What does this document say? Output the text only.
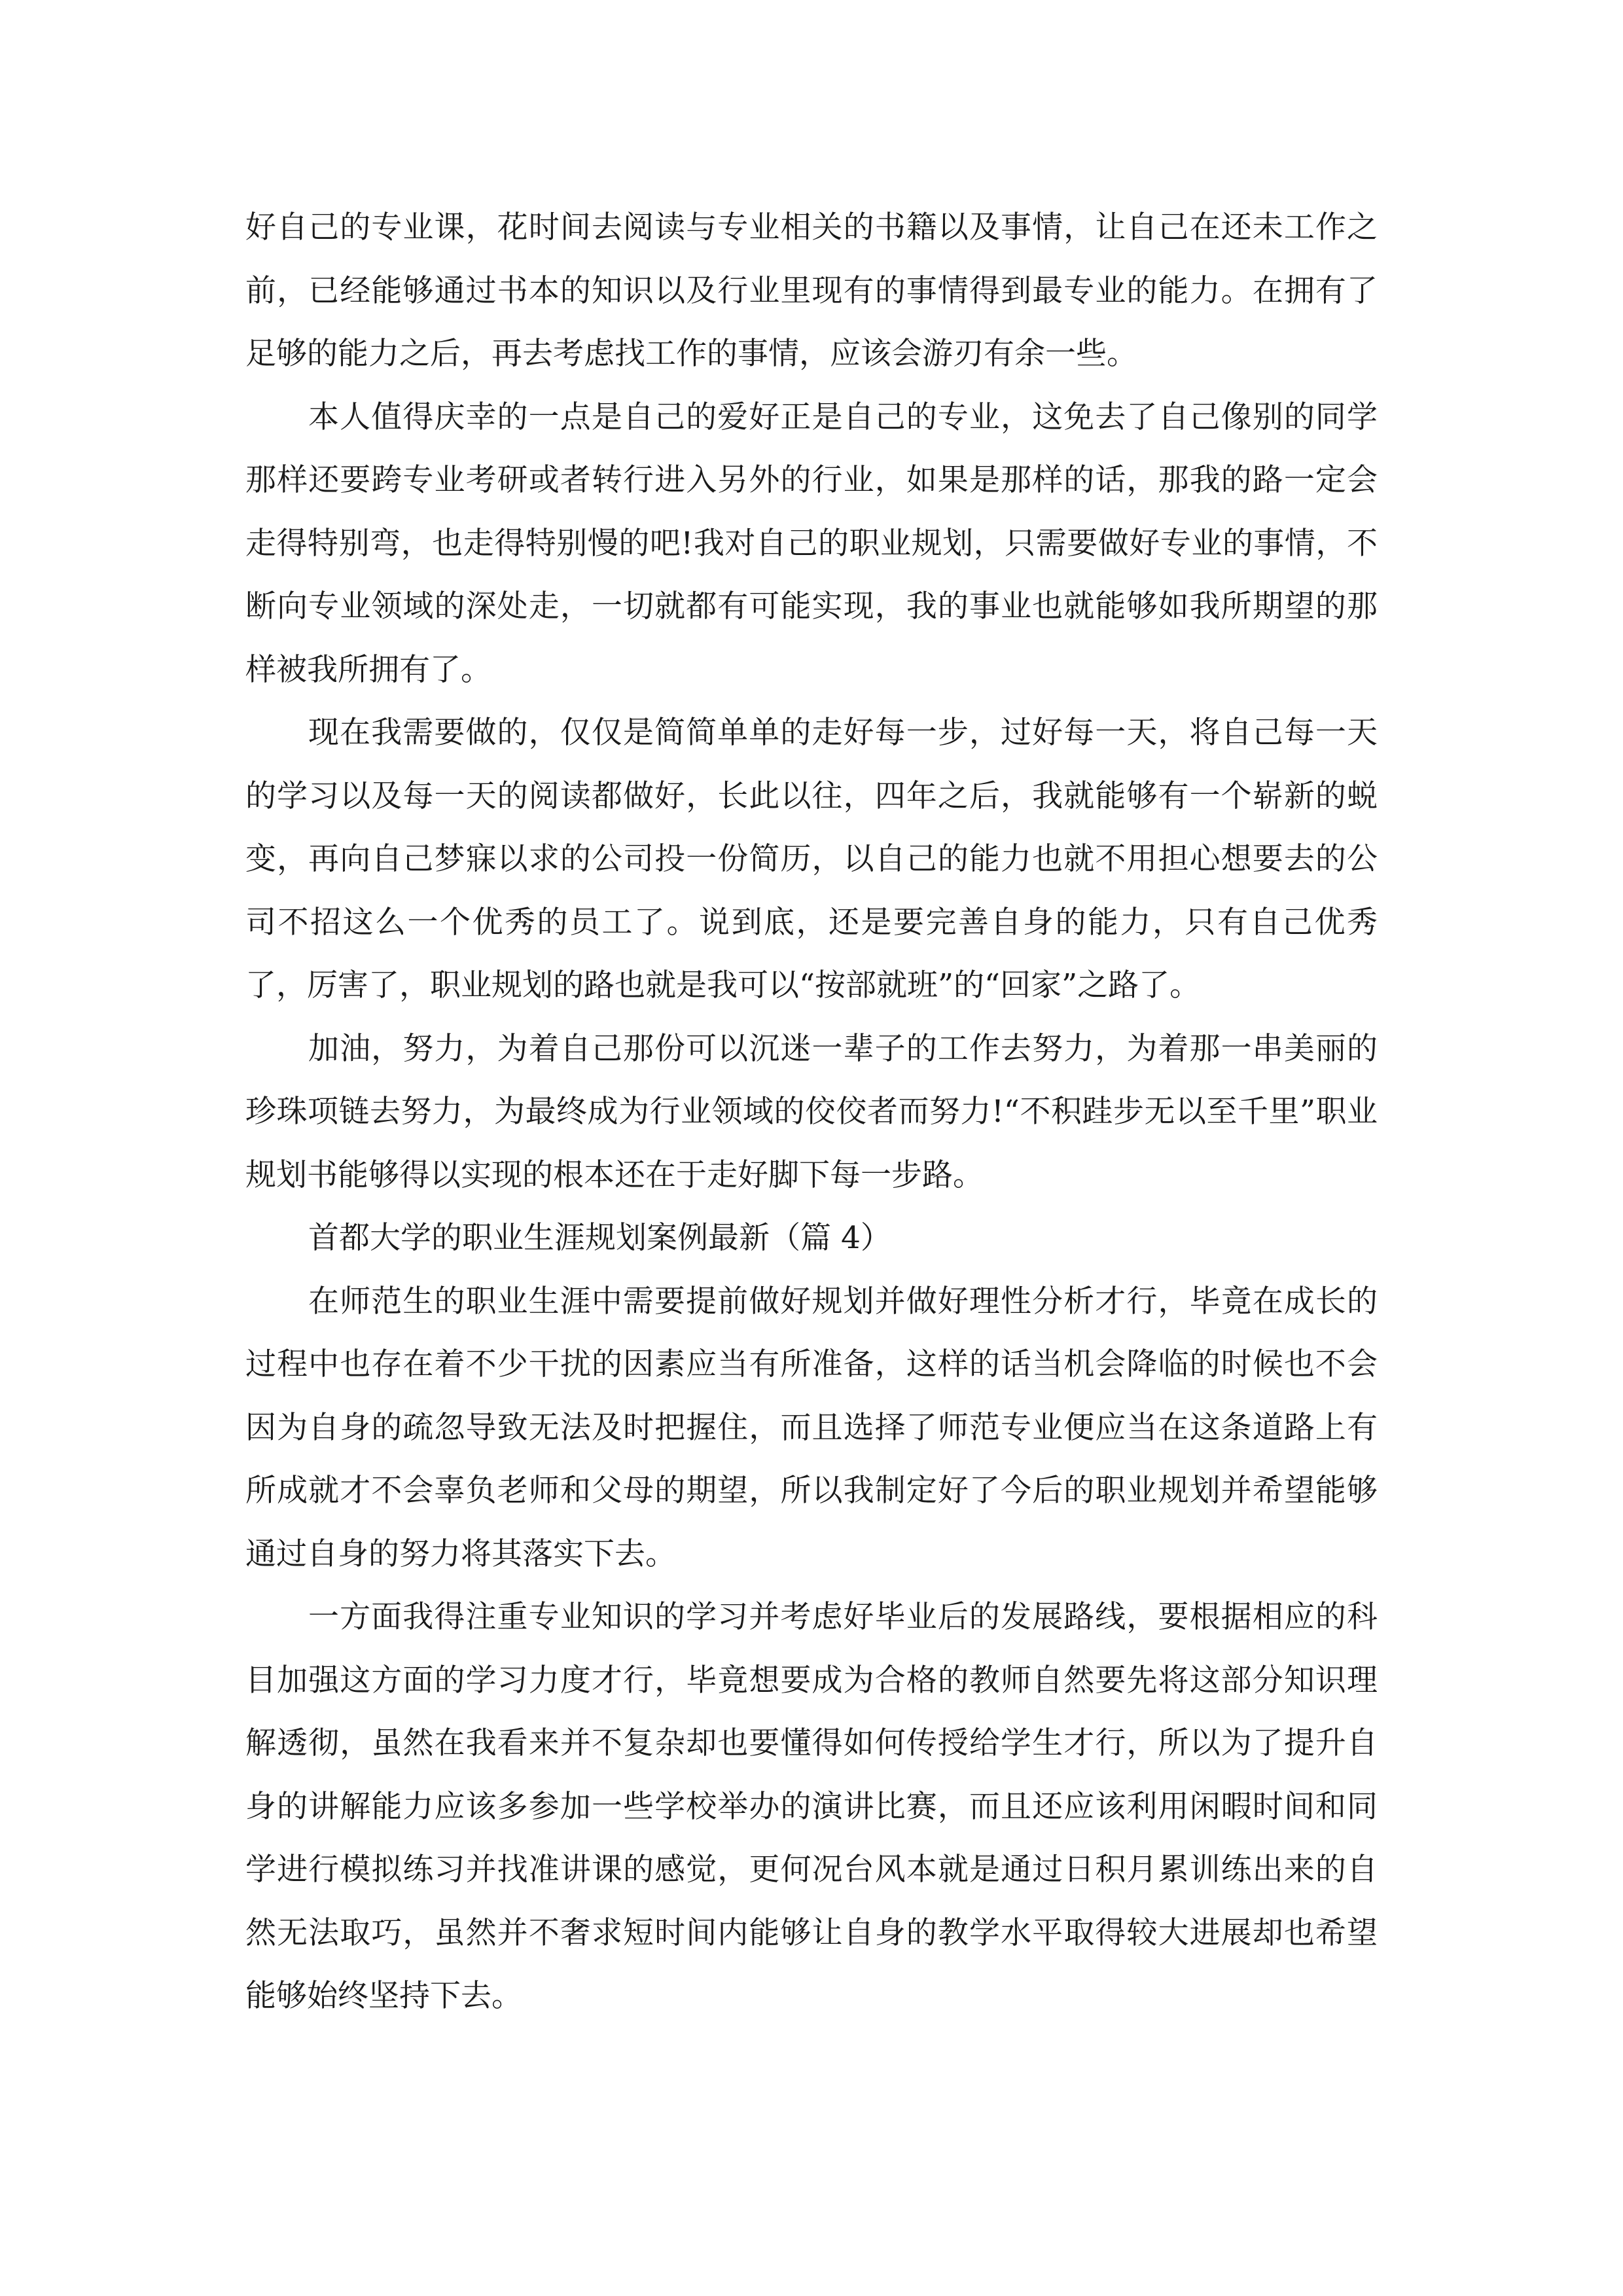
好自己的专业课，花时间去阅读与专业相关的书籍以及事情，让自己在还未工作之前，已经能够通过书本的知识以及行业里现有的事情得到最专业的能力。在拥有了足够的能力之后，再去考虑找工作的事情，应该会游刃有余一些。

本人值得庆幸的一点是自己的爱好正是自己的专业，这免去了自己像别的同学那样还要跨专业考研或者转行进入另外的行业，如果是那样的话，那我的路一定会走得特别弯，也走得特别慢的吧!我对自己的职业规划，只需要做好专业的事情，不断向专业领域的深处走，一切就都有可能实现，我的事业也就能够如我所期望的那样被我所拥有了。

现在我需要做的，仅仅是简简单单的走好每一步，过好每一天，将自己每一天的学习以及每一天的阅读都做好，长此以往，四年之后，我就能够有一个崭新的蜕变，再向自己梦寐以求的公司投一份简历，以自己的能力也就不用担心想要去的公司不招这么一个优秀的员工了。说到底，还是要完善自身的能力，只有自己优秀了，厉害了，职业规划的路也就是我可以“按部就班”的“回家”之路了。

加油，努力，为着自己那份可以沉迷一辈子的工作去努力，为着那一串美丽的珍珠项链去努力，为最终成为行业领域的佼佼者而努力!“不积跬步无以至千里”职业规划书能够得以实现的根本还在于走好脚下每一步路。

首都大学的职业生涯规划案例最新（篇 4）

在师范生的职业生涯中需要提前做好规划并做好理性分析才行，毕竟在成长的过程中也存在着不少干扰的因素应当有所准备，这样的话当机会降临的时候也不会因为自身的疏忽导致无法及时把握住，而且选择了师范专业便应当在这条道路上有所成就才不会辜负老师和父母的期望，所以我制定好了今后的职业规划并希望能够通过自身的努力将其落实下去。

一方面我得注重专业知识的学习并考虑好毕业后的发展路线，要根据相应的科目加强这方面的学习力度才行，毕竟想要成为合格的教师自然要先将这部分知识理解透彻，虽然在我看来并不复杂却也要懂得如何传授给学生才行，所以为了提升自身的讲解能力应该多参加一些学校举办的演讲比赛，而且还应该利用闲暇时间和同学进行模拟练习并找准讲课的感觉，更何况台风本就是通过日积月累训练出来的自然无法取巧，虽然并不奢求短时间内能够让自身的教学水平取得较大进展却也希望能够始终坚持下去。
